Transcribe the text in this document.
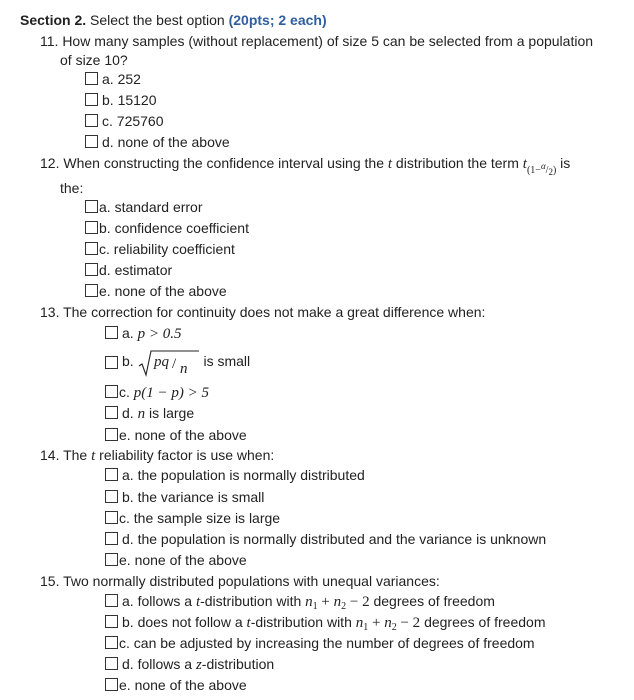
Section 2. Select the best option (20pts; 2 each)
11. How many samples (without replacement) of size 5 can be selected from a population
of size 10?
a. 252
b. 15120
c. 725760
d. none of the above
12. When constructing the confidence interval using the t distribution the term $t_{(1-}\alpha_{/2)}$ is
the:
a. standard error
b. confidence coefficient
c. reliability coefficient
d. estimator
e. none of the above
13. The correction for continuity does not make a great difference when:
a. p > 0.5
b. pq / n
is small
c. p(1 − p) > 5
d. n is large
e. none of the above
14. The t reliability factor is use when:
a. the population is normally distributed
b. the variance is small
c. the sample size is large
d. the population is normally distributed and the variance is unknown
e. none of the above
15. Two normally distributed populations with unequal variances:
a. follows a t-distribution with $n_1 + n_2 - 2$ degrees of freedom
b. does not follow a t-distribution with $n_1 + n_2 - 2$ degrees of freedom
c. can be adjusted by increasing the number of degrees of freedom
d. follows a z-distribution
e. none of the above
